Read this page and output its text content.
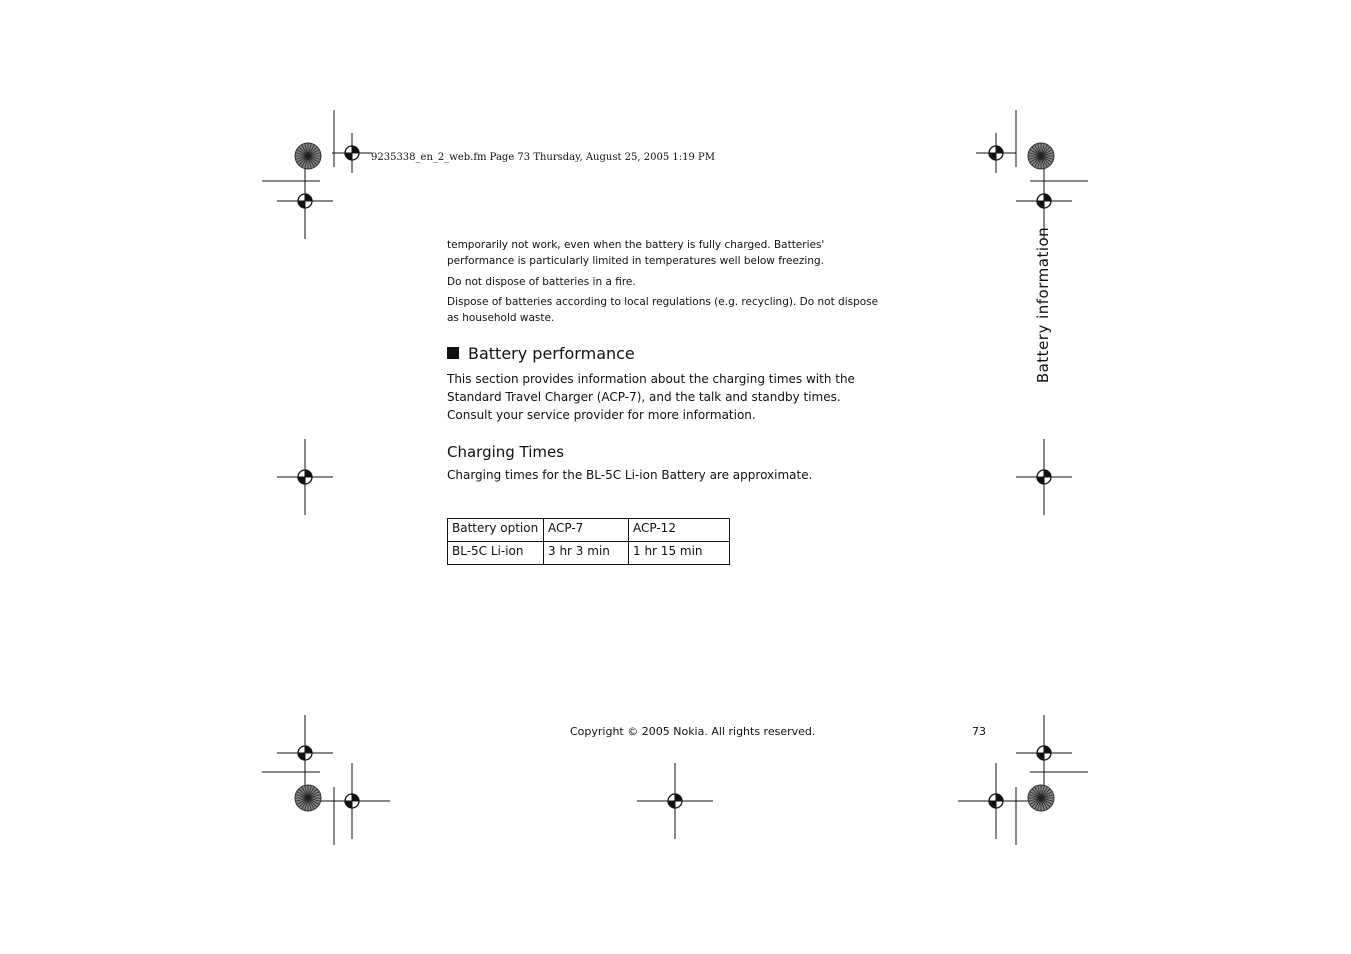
9235338_en_2_web.fm Page 73 Thursday, August 25, 2005 1:19 PM
temporarily not work, even when the battery is fully charged. Batteries' performance is particularly limited in temperatures well below freezing.
Do not dispose of batteries in a fire.
Dispose of batteries according to local regulations (e.g. recycling). Do not dispose as household waste.
Battery performance
This section provides information about the charging times with the Standard Travel Charger (ACP-7), and the talk and standby times. Consult your service provider for more information.
Charging Times
Charging times for the BL-5C Li-ion Battery are approximate.
Battery option	ACP-7	ACP-12
BL-5C Li-ion	3 hr 3 min	1 hr 15 min
Copyright © 2005 Nokia. All rights reserved.	73
Battery information
